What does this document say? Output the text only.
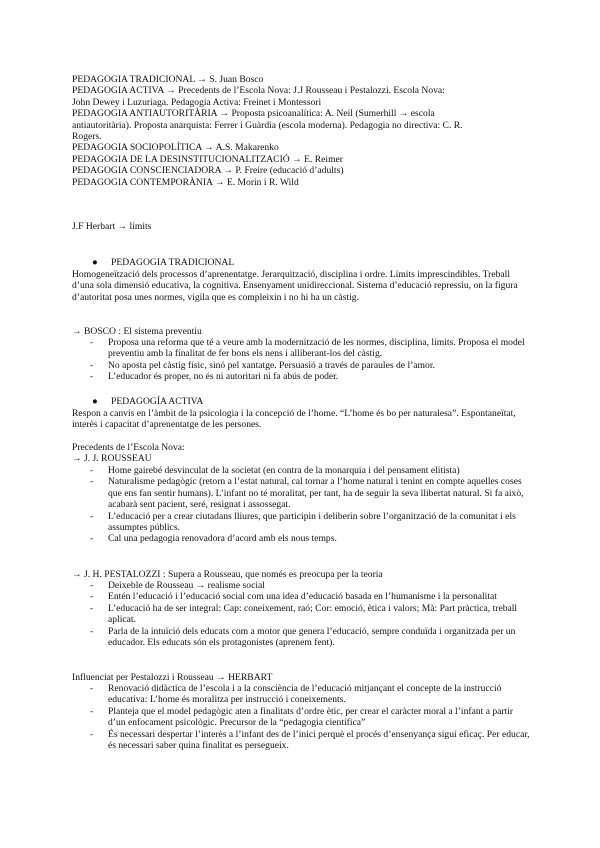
PEDAGOGIA TRADICIONAL → S. Juan Bosco
PEDAGOGIA ACTIVA → Precedents de l’Escola Nova: J.J Rousseau i Pestalozzi. Escola Nova:
John Dewey i Luzuriaga. Pedagogia Activa: Freinet i Montessori
PEDAGOGIA ANTIAUTORITÀRIA → Proposta psicoanalítica: A. Neil (Sumerhill → escola
antiautoritària). Proposta anarquista: Ferrer i Guàrdia (escola moderna). Pedagogia no directiva: C. R.
Rogers.
PEDAGOGIA SOCIOPOLÍTICA → A.S. Makarenko
PEDAGOGIA DE LA DESINSTITUCIONALITZACIÓ → E. Reimer
PEDAGOGIA CONSCIENCIADORA → P. Freire (educació d’adults)
PEDAGOGIA CONTEMPORÀNIA → E. Morin i R. Wild
J.F Herbart → límits
● PEDAGOGIA TRADICIONAL

Homogeneïtzació dels processos d’aprenentatge. Jerarquització, disciplina i ordre. Límits imprescindibles. Treball d’una sola dimensió educativa, la cognitiva. Ensenyament unidireccional. Sistema d’educació repressiu, on la figura d’autoritat posa unes normes, vigila que es compleixin i no hi ha un càstig.

→ BOSCO : El sistema preventiu
- Proposa una reforma que té a veure amb la modernització de les normes, disciplina, límits. Proposa el model preventiu amb la finalitat de fer bons els nens i alliberant-los del càstig.
- No aposta pel càstig físic, sinó pel xantatge. Persuasió a través de paraules de l’amor.
- L’educador és proper, no és ni autoritari ni fa abús de poder.
● PEDAGOGÍA ACTIVA

Respon a canvis en l’àmbit de la psicologia i la concepció de l’home. “L’home és bo per naturalesa”. Espontaneïtat, interès i capacitat d’aprenentatge de les persones.

Precedents de l’Escola Nova:
→ J. J. ROUSSEAU
- Home gairebé desvinculat de la societat (en contra de la monarquia i del pensament elitista)
- Naturalisme pedagògic (retorn a l’estat natural, cal tornar a l’home natural i tenint en compte aquelles coses que ens fan sentir humans). L’infant no té moralitat, per tant, ha de seguir la seva llibertat natural. Si fa això, acabarà sent pacient, seré, resignat i assossegat.
- L’educació per a crear ciutadans lliures, que participin i deliberin sobre l’organització de la comunitat i els assumptes públics.
- Cal una pedagogia renovadora d’acord amb els nous temps.
→ J. H. PESTALOZZI : Supera a Rousseau, que només es preocupa per la teoria
- Deixeble de Rousseau → realisme social
- Entén l’educació i l’educació social com una idea d’educació basada en l’humanisme i la personalitat
- L’educació ha de ser integral: Cap: coneixement, raó; Cor: emoció, ètica i valors; Mà: Part pràctica, treball aplicat.
- Parla de la intuïció dels educats com a motor que genera l’educació, sempre conduïda i organitzada per un educador. Els educats són els protagonistes (aprenem fent).
Influenciat per Pestalozzi i Rousseau → HERBART
- Renovació didàctica de l’escola i a la consciència de l’educació mitjançant el concepte de la instrucció educativa: L’home és moralitza per instrucció i coneixements.
- Planteja que el model pedagògic aten a finalitats d’ordre ètic, per crear el caràcter moral a l’infant a partir d’un enfocament psicològic. Precursor de la “pedagogia científica”
- És necessari despertar l’interès a l’infant des de l’inici perquè el procés d’ensenyança sigui eficaç. Per educar, és necessari saber quina finalitat es persegueix.
